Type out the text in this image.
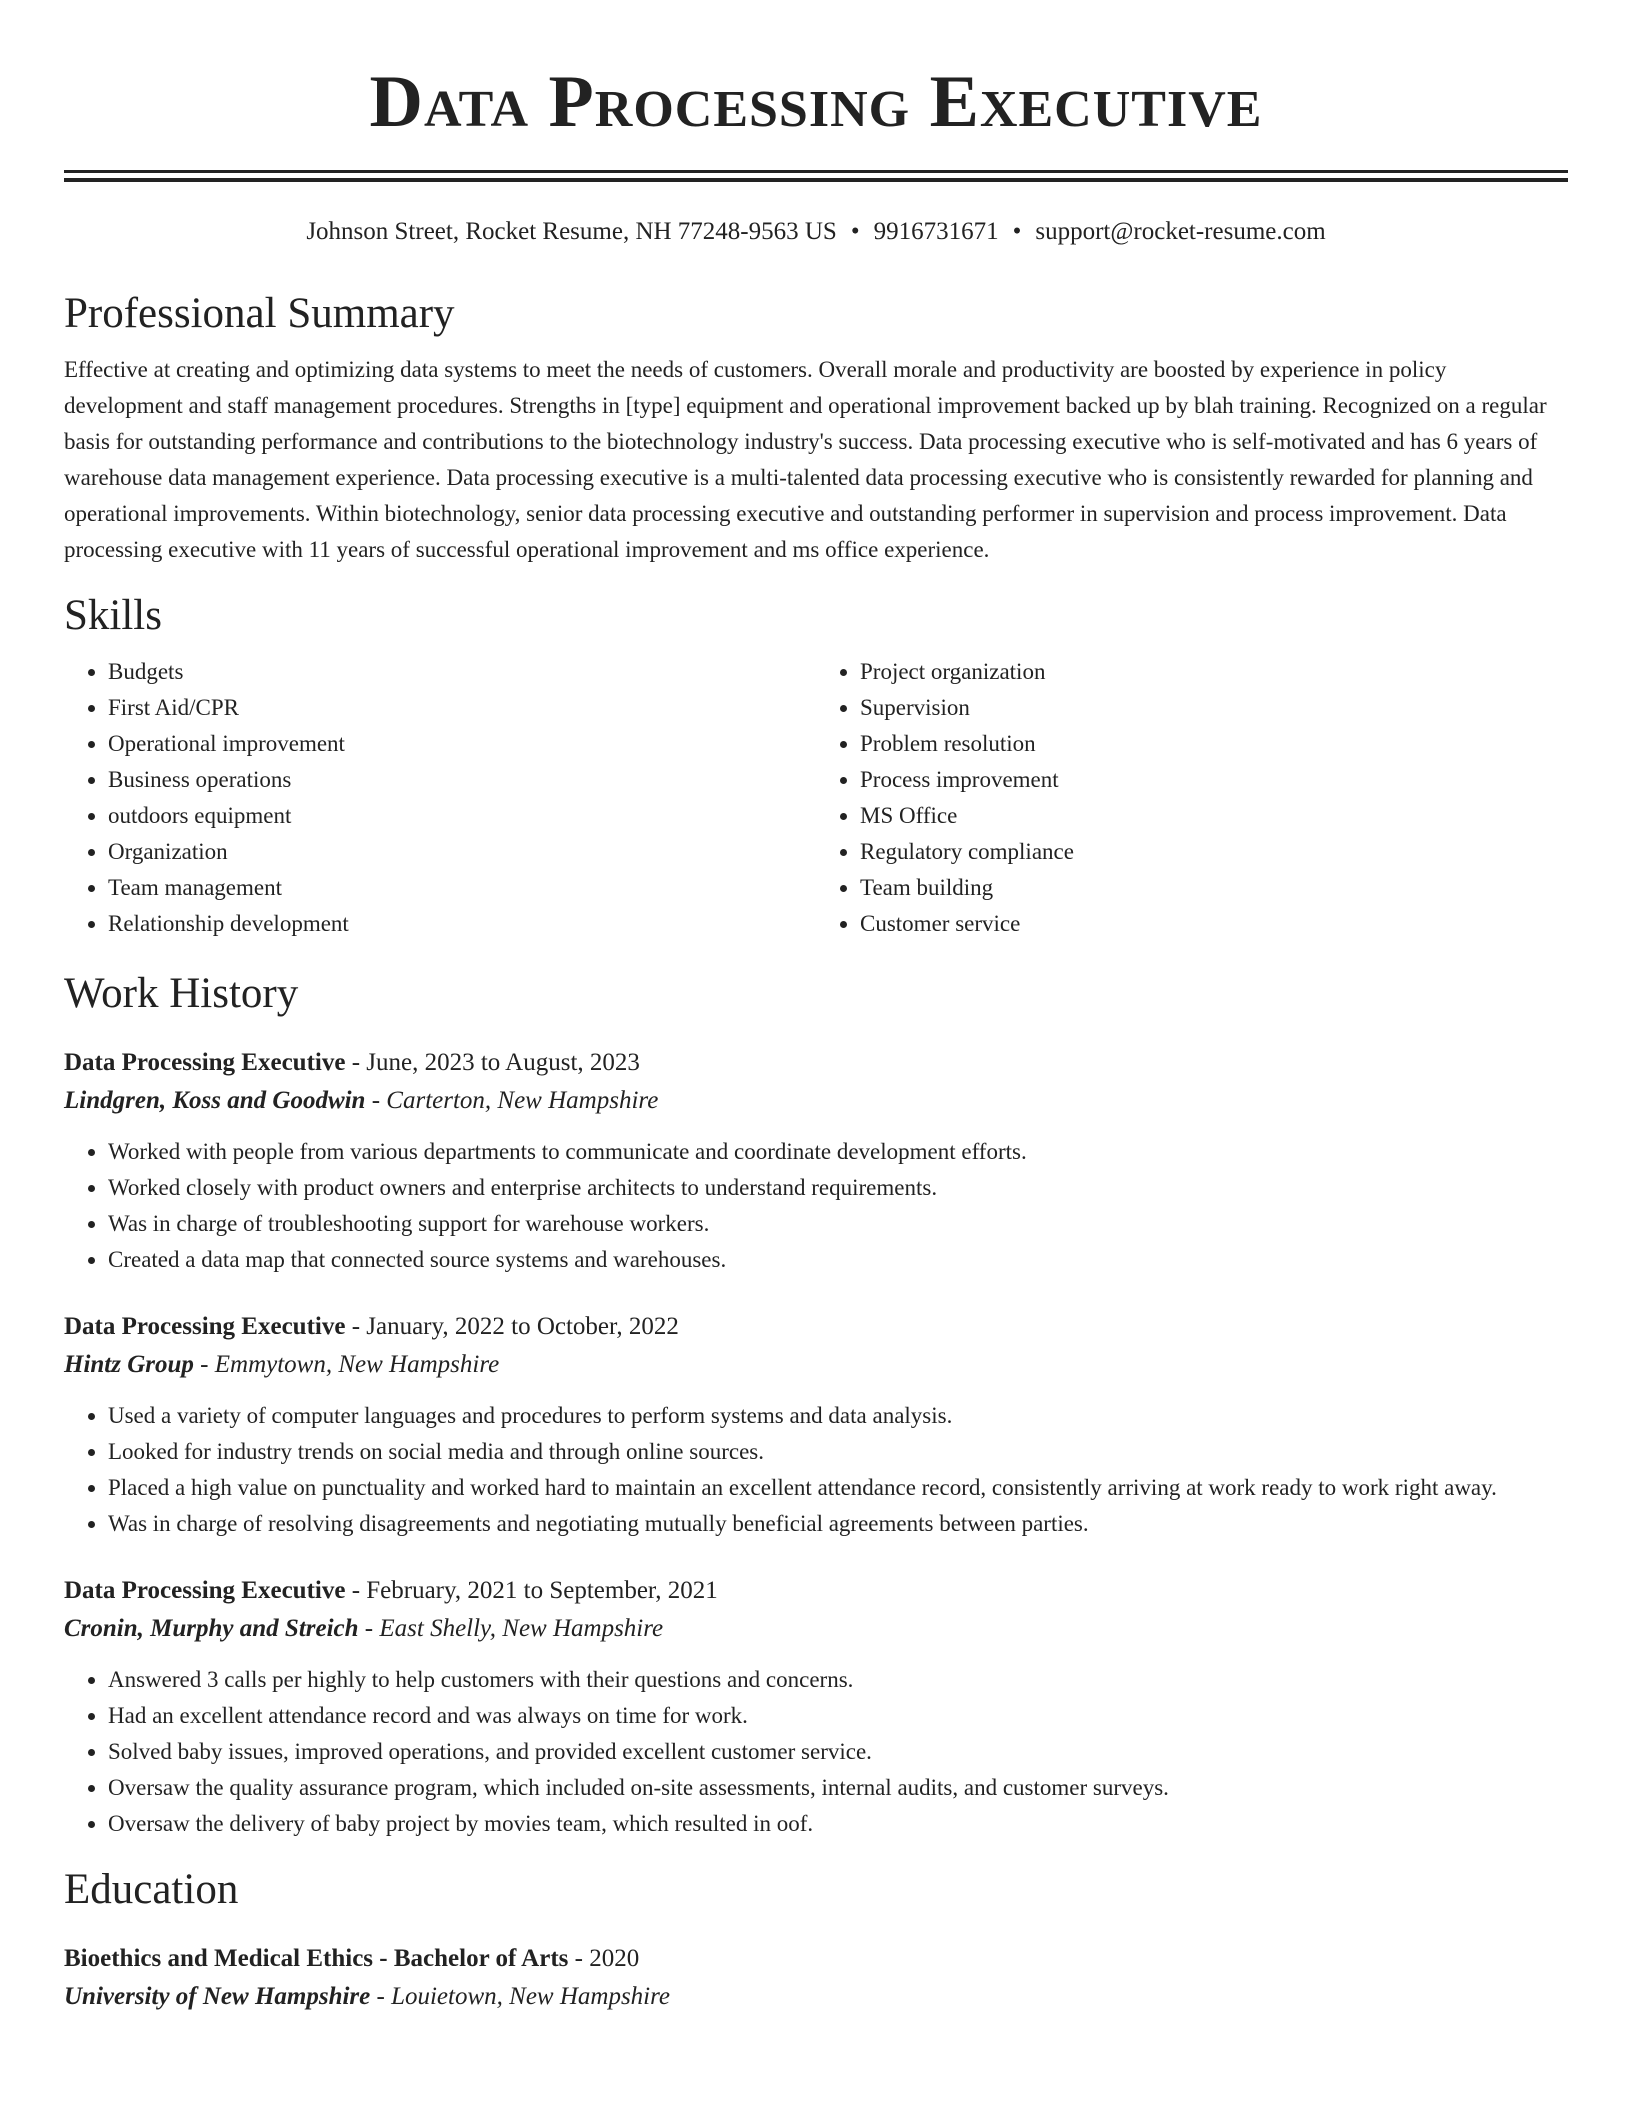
Data Processing Executive
Johnson Street, Rocket Resume, NH 77248-9563 US • 9916731671 • support@rocket-resume.com
Professional Summary

Effective at creating and optimizing data systems to meet the needs of customers. Overall morale and productivity are boosted by experience in policy development and staff management procedures. Strengths in [type] equipment and operational improvement backed up by blah training. Recognized on a regular basis for outstanding performance and contributions to the biotechnology industry's success. Data processing executive who is self-motivated and has 6 years of warehouse data management experience. Data processing executive is a multi-talented data processing executive who is consistently rewarded for planning and operational improvements. Within biotechnology, senior data processing executive and outstanding performer in supervision and process improvement. Data processing executive with 11 years of successful operational improvement and ms office experience.

Skills
• Budgets
• First Aid/CPR
• Operational improvement
• Business operations
• outdoors equipment
• Organization
• Team management
• Relationship development
• Project organization
• Supervision
• Problem resolution
• Process improvement
• MS Office
• Regulatory compliance
• Team building
• Customer service
Work History
Data Processing Executive - June, 2023 to August, 2023
Lindgren, Koss and Goodwin - Carterton, New Hampshire
• Worked with people from various departments to communicate and coordinate development efforts.
• Worked closely with product owners and enterprise architects to understand requirements.
• Was in charge of troubleshooting support for warehouse workers.
• Created a data map that connected source systems and warehouses.
Data Processing Executive - January, 2022 to October, 2022
Hintz Group - Emmytown, New Hampshire
• Used a variety of computer languages and procedures to perform systems and data analysis.
• Looked for industry trends on social media and through online sources.
• Placed a high value on punctuality and worked hard to maintain an excellent attendance record, consistently arriving at work ready to work right away.
• Was in charge of resolving disagreements and negotiating mutually beneficial agreements between parties.
Data Processing Executive - February, 2021 to September, 2021
Cronin, Murphy and Streich - East Shelly, New Hampshire
• Answered 3 calls per highly to help customers with their questions and concerns.
• Had an excellent attendance record and was always on time for work.
• Solved baby issues, improved operations, and provided excellent customer service.
• Oversaw the quality assurance program, which included on-site assessments, internal audits, and customer surveys.
• Oversaw the delivery of baby project by movies team, which resulted in oof.
Education
Bioethics and Medical Ethics - Bachelor of Arts - 2020
University of New Hampshire - Louietown, New Hampshire
